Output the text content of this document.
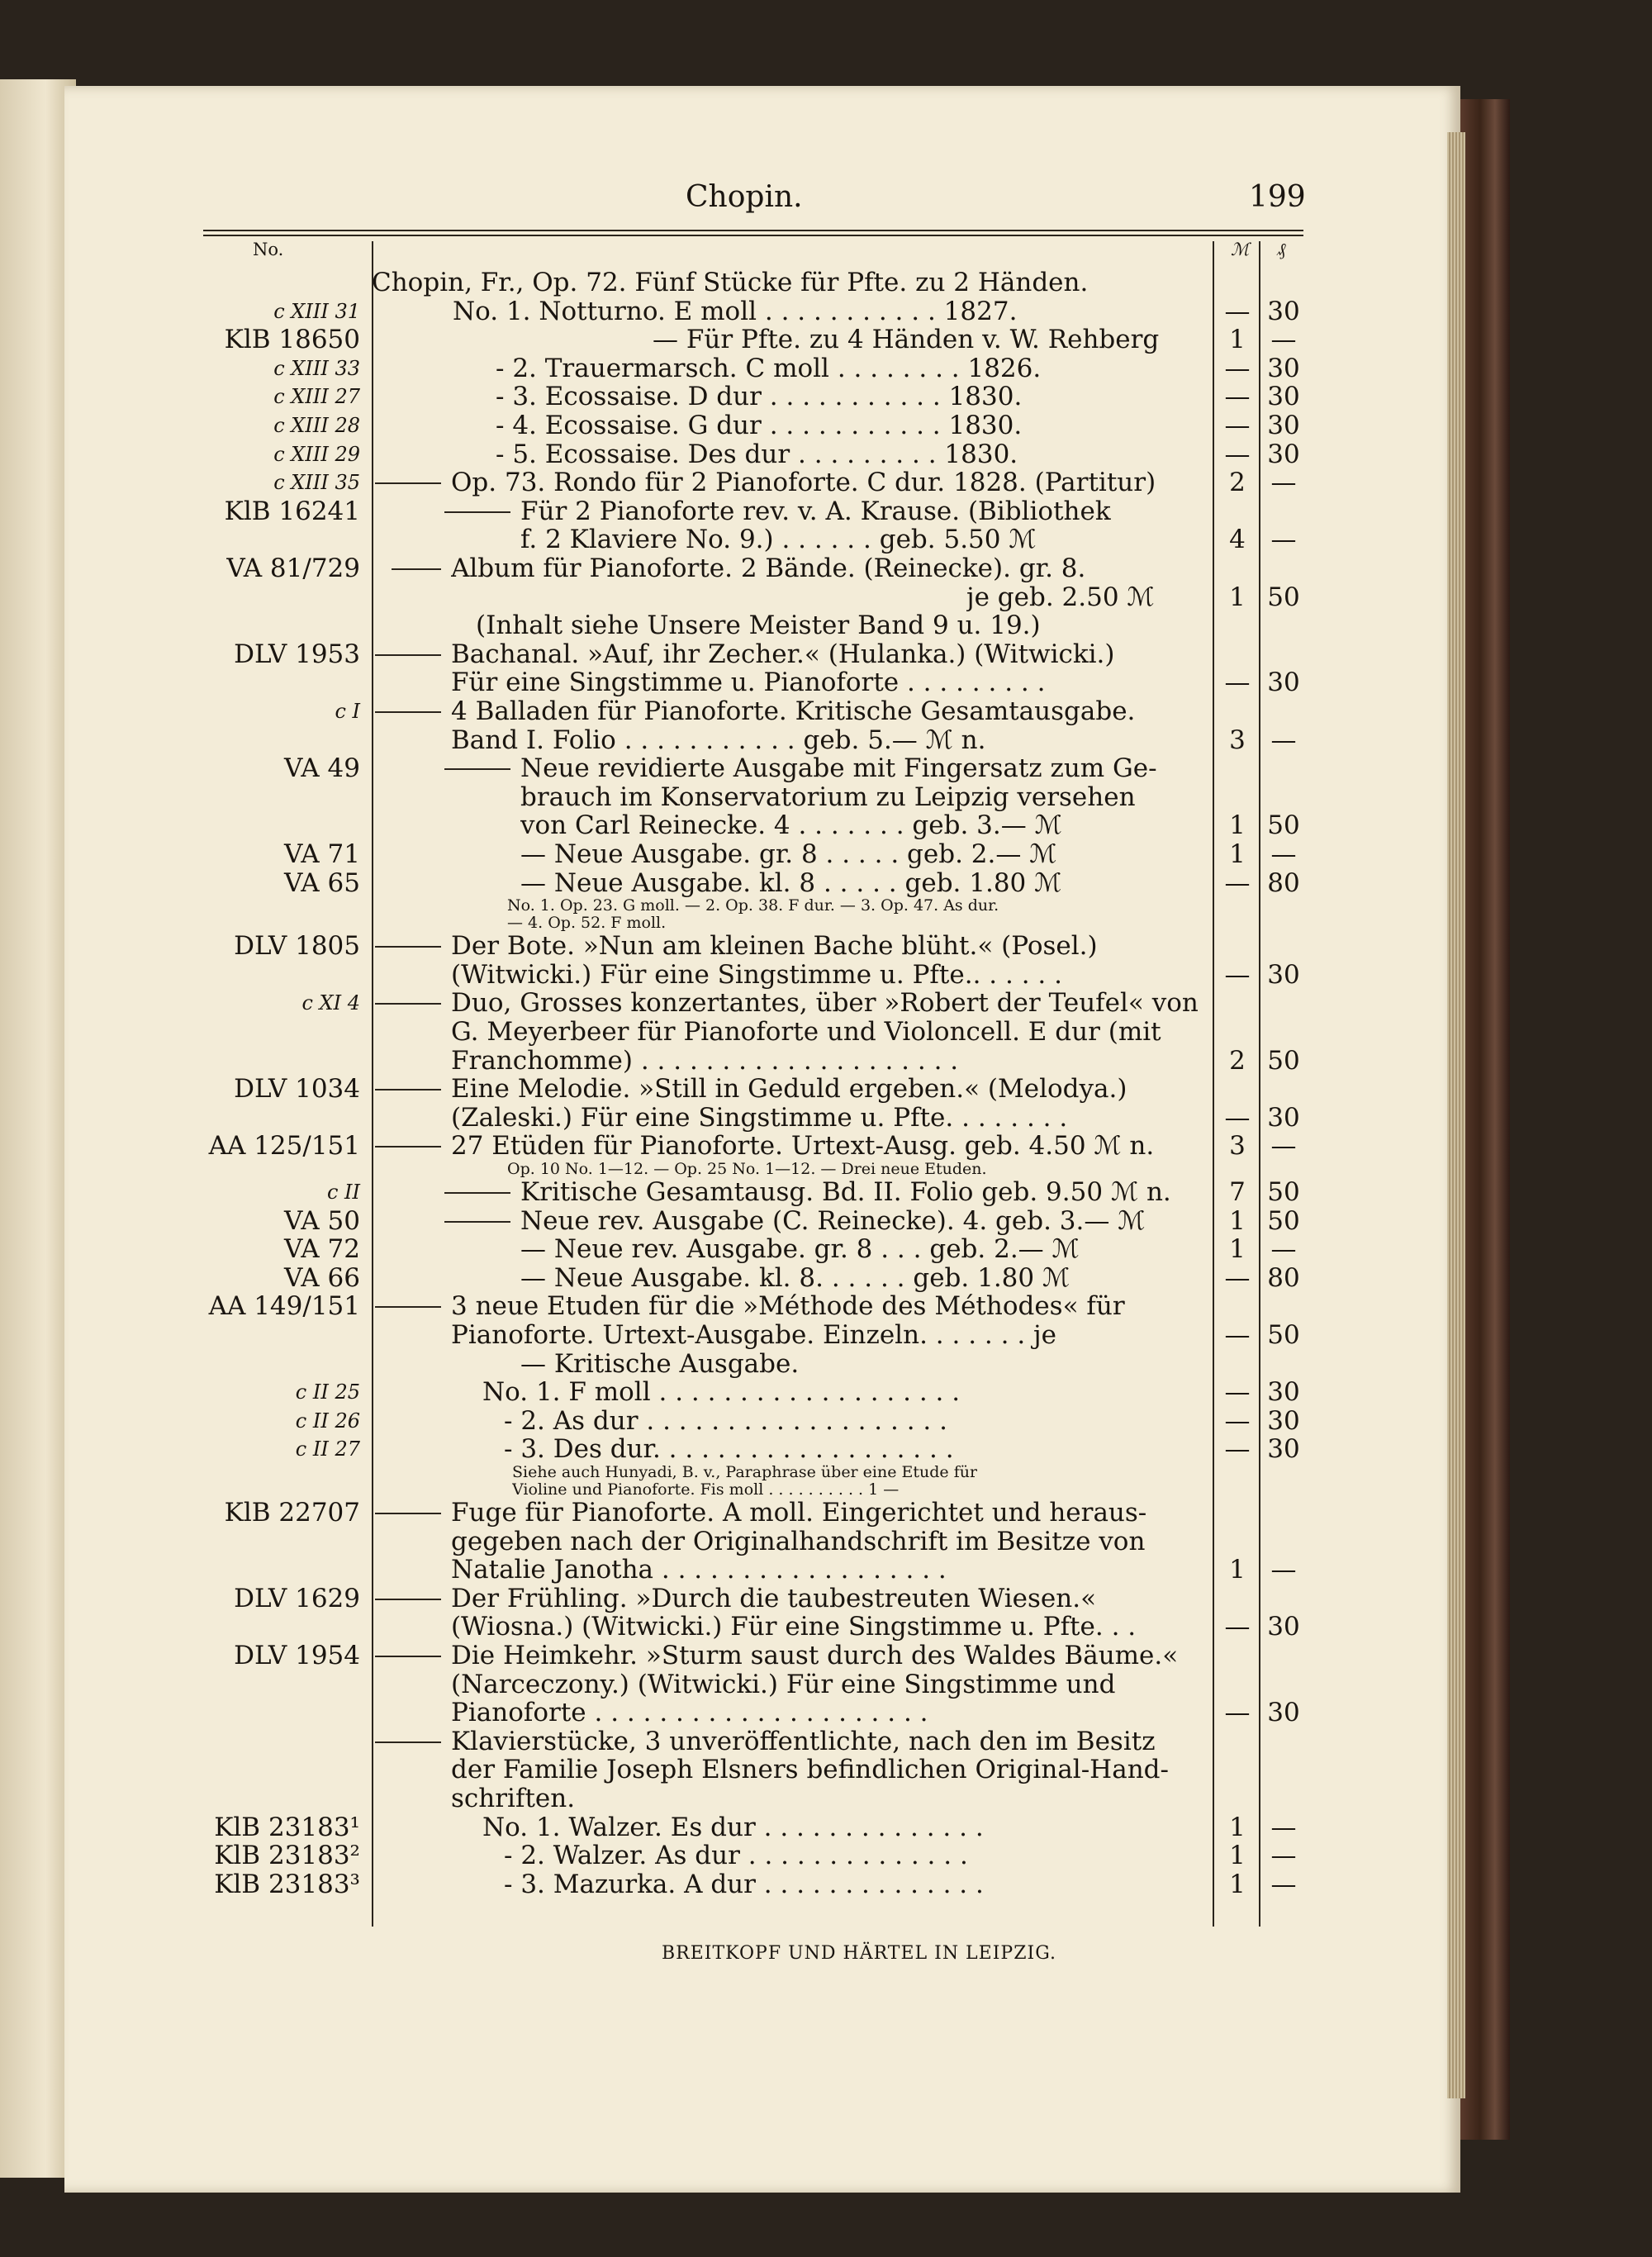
Chopin.	199
No.	ℳ ₰
Chopin, Fr., Op. 72. Fünf Stücke für Pfte. zu 2 Händen.
c XIII 31	No. 1. Notturno. E moll . . . . . . . . . . . 1827.	— 30
KlB 18650	— Für Pfte. zu 4 Händen v. W. Rehberg	1 —
c XIII 33	- 2. Trauermarsch. C moll . . . . . . . . 1826.	— 30
c XIII 27	- 3. Ecossaise. D dur . . . . . . . . . . . 1830.	— 30
c XIII 28	- 4. Ecossaise. G dur . . . . . . . . . . . 1830.	— 30
c XIII 29	- 5. Ecossaise. Des dur . . . . . . . . . 1830.	— 30
c XIII 35	Op. 73. Rondo für 2 Pianoforte. C dur. 1828. (Partitur)	2 —
KlB 16241	Für 2 Pianoforte rev. v. A. Krause. (Bibliothek
f. 2 Klaviere No. 9.) . . . . . . geb. 5.50 ℳ	4 —
VA 81/729	Album für Pianoforte. 2 Bände. (Reinecke). gr. 8.
je geb. 2.50 ℳ	1 50
(Inhalt siehe Unsere Meister Band 9 u. 19.)
DLV 1953	Bachanal. »Auf, ihr Zecher.« (Hulanka.) (Witwicki.)
Für eine Singstimme u. Pianoforte . . . . . . . . .	— 30
c I	4 Balladen für Pianoforte. Kritische Gesamtausgabe.
Band I. Folio . . . . . . . . . . . geb. 5.— ℳ n.	3 —
VA 49	Neue revidierte Ausgabe mit Fingersatz zum Ge-
brauch im Konservatorium zu Leipzig versehen
von Carl Reinecke. 4 . . . . . . . geb. 3.— ℳ	1 50
VA 71	— Neue Ausgabe. gr. 8 . . . . . geb. 2.— ℳ	1 —
VA 65	— Neue Ausgabe. kl. 8 . . . . . geb. 1.80 ℳ	— 80
No. 1. Op. 23. G moll. — 2. Op. 38. F dur. — 3. Op. 47. As dur.
— 4. Op. 52. F moll.
DLV 1805	Der Bote. »Nun am kleinen Bache blüht.« (Posel.)
(Witwicki.) Für eine Singstimme u. Pfte.. . . . . .	— 30
c XI 4	Duo, Grosses konzertantes, über »Robert der Teufel« von
G. Meyerbeer für Pianoforte und Violoncell. E dur (mit
Franchomme) . . . . . . . . . . . . . . . . . . . .	2 50
DLV 1034	Eine Melodie. »Still in Geduld ergeben.« (Melodya.)
(Zaleski.) Für eine Singstimme u. Pfte. . . . . . . .	— 30
AA 125/151	27 Etüden für Pianoforte. Urtext-Ausg. geb. 4.50 ℳ n.	3 —
Op. 10 No. 1—12. — Op. 25 No. 1—12. — Drei neue Etuden.
c II	Kritische Gesamtausg. Bd. II. Folio geb. 9.50 ℳ n.	7 50
VA 50	Neue rev. Ausgabe (C. Reinecke). 4. geb. 3.— ℳ	1 50
VA 72	— Neue rev. Ausgabe. gr. 8 . . . geb. 2.— ℳ	1 —
VA 66	— Neue Ausgabe. kl. 8. . . . . . geb. 1.80 ℳ	— 80
AA 149/151	3 neue Etuden für die »Méthode des Méthodes« für
Pianoforte. Urtext-Ausgabe. Einzeln. . . . . . . je	— 50
— Kritische Ausgabe.
c II 25	No. 1. F moll . . . . . . . . . . . . . . . . . . .	— 30
c II 26	- 2. As dur . . . . . . . . . . . . . . . . . . .	— 30
c II 27	- 3. Des dur. . . . . . . . . . . . . . . . . . .	— 30
Siehe auch Hunyadi, B. v., Paraphrase über eine Etude für
Violine und Pianoforte. Fis moll . . . . . . . . . . 1 —
KlB 22707	Fuge für Pianoforte. A moll. Eingerichtet und heraus-
gegeben nach der Originalhandschrift im Besitze von
Natalie Janotha . . . . . . . . . . . . . . . . . .	1 —
DLV 1629	Der Frühling. »Durch die taubestreuten Wiesen.«
(Wiosna.) (Witwicki.) Für eine Singstimme u. Pfte. . .	— 30
DLV 1954	Die Heimkehr. »Sturm saust durch des Waldes Bäume.«
(Narceczony.) (Witwicki.) Für eine Singstimme und
Pianoforte . . . . . . . . . . . . . . . . . . . . .	— 30
Klavierstücke, 3 unveröffentlichte, nach den im Besitz
der Familie Joseph Elsners befindlichen Original-Hand-
schriften.
KlB 23183¹	No. 1. Walzer. Es dur . . . . . . . . . . . . . .	1 —
KlB 23183²	- 2. Walzer. As dur . . . . . . . . . . . . . .	1 —
KlB 23183³	- 3. Mazurka. A dur . . . . . . . . . . . . . .	1 —
BREITKOPF UND HÄRTEL IN LEIPZIG.
